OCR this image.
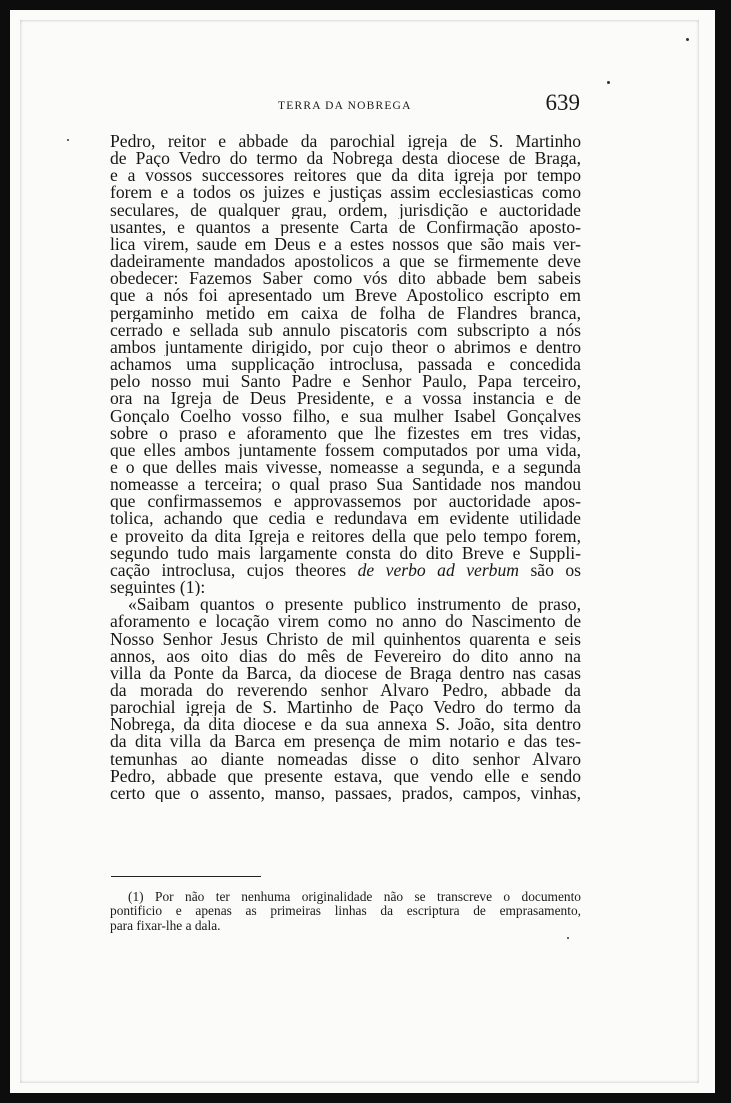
TERRA DA NOBREGA	639
Pedro, reitor e abbade da parochial igreja de S. Martinho
de Paço Vedro do termo da Nobrega desta diocese de Braga,
e a vossos successores reitores que da dita igreja por tempo
forem e a todos os juizes e justiças assim ecclesiasticas como
seculares, de qualquer grau, ordem, jurisdição e auctoridade
usantes, e quantos a presente Carta de Confirmação aposto-
lica virem, saude em Deus e a estes nossos que são mais ver-
dadeiramente mandados apostolicos a que se firmemente deve
obedecer: Fazemos Saber como vós dito abbade bem sabeis
que a nós foi apresentado um Breve Apostolico escripto em
pergaminho metido em caixa de folha de Flandres branca,
cerrado e sellada sub annulo piscatoris com subscripto a nós
ambos juntamente dirigido, por cujo theor o abrimos e dentro
achamos uma supplicação introclusa, passada e concedida
pelo nosso mui Santo Padre e Senhor Paulo, Papa terceiro,
ora na Igreja de Deus Presidente, e a vossa instancia e de
Gonçalo Coelho vosso filho, e sua mulher Isabel Gonçalves
sobre o praso e aforamento que lhe fizestes em tres vidas,
que elles ambos juntamente fossem computados por uma vida,
e o que delles mais vivesse, nomeasse a segunda, e a segunda
nomeasse a terceira; o qual praso Sua Santidade nos mandou
que confirmassemos e approvassemos por auctoridade apos-
tolica, achando que cedia e redundava em evidente utilidade
e proveito da dita Igreja e reitores della que pelo tempo forem,
segundo tudo mais largamente consta do dito Breve e Suppli-
cação introclusa, cujos theores de verbo ad verbum são os
seguintes (1):
«Saibam quantos o presente publico instrumento de praso,
aforamento e locação virem como no anno do Nascimento de
Nosso Senhor Jesus Christo de mil quinhentos quarenta e seis
annos, aos oito dias do mês de Fevereiro do dito anno na
villa da Ponte da Barca, da diocese de Braga dentro nas casas
da morada do reverendo senhor Alvaro Pedro, abbade da
parochial igreja de S. Martinho de Paço Vedro do termo da
Nobrega, da dita diocese e da sua annexa S. João, sita dentro
da dita villa da Barca em presença de mim notario e das tes-
temunhas ao diante nomeadas disse o dito senhor Alvaro
Pedro, abbade que presente estava, que vendo elle e sendo
certo que o assento, manso, passaes, prados, campos, vinhas,
(1) Por não ter nenhuma originalidade não se transcreve o documento
pontificio e apenas as primeiras linhas da escriptura de emprasamento,
para fixar-lhe a dala.
